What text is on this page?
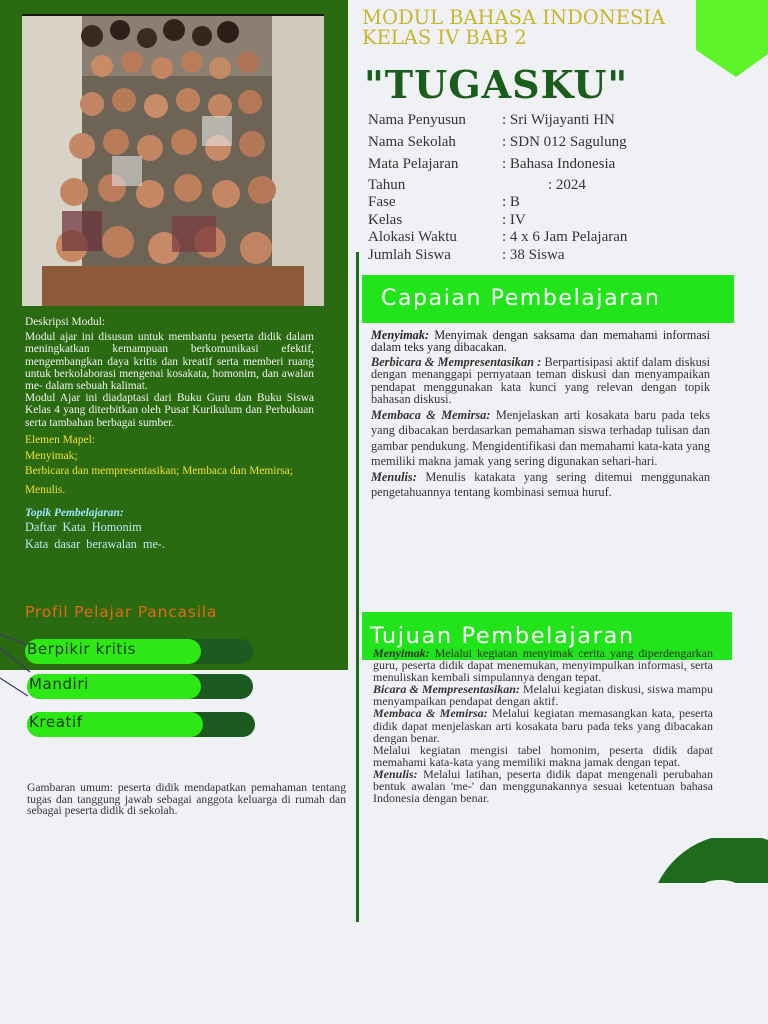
Deskripsi Modul:

Modul ajar ini disusun untuk membantu peserta didik dalam meningkatkan kemampuan berkomunikasi efektif, mengembangkan daya kritis dan kreatif serta memberi ruang untuk berkolaborasi mengenai kosakata, homonim, dan awalan me- dalam sebuah kalimat.

Modul Ajar ini diadaptasi dari Buku Guru dan Buku Siswa Kelas 4 yang diterbitkan oleh Pusat Kurikulum dan Perbukuan serta tambahan berbagai sumber.

Elemen Mapel:
Menyimak;
Berbicara dan mempresentasikan; Membaca dan Memirsa;
Menulis.
Topik Pembelajaran:
Daftar Kata Homonim
Kata dasar berawalan me-.
Profil Pelajar Pancasila
Berpikir kritis
Mandiri
Kreatif
Gambaran umum: peserta didik mendapatkan pemahaman tentang tugas dan tanggung jawab sebagai anggota keluarga di rumah dan sebagai peserta didik di sekolah.
MODUL BAHASA INDONESIA
KELAS IV BAB 2
"TUGASKU"
Nama Penyusun : Sri Wijayanti HN
Nama Sekolah	: SDN 012 Sagulung
Mata Pelajaran	: Bahasa Indonesia
Tahun	: 2024
Fase	: B
Kelas	: IV
Alokasi Waktu	: 4 x 6 Jam Pelajaran
Jumlah Siswa	: 38 Siswa
Capaian Pembelajaran

Menyimak: Menyimak dengan saksama dan memahami informasi dalam teks yang dibacakan.

Berbicara & Mempresentasikan : Berpartisipasi aktif dalam diskusi dengan menanggapi pernyataan teman diskusi dan menyampaikan pendapat menggunakan kata kunci yang relevan dengan topik bahasan diskusi.

Membaca & Memirsa: Menjelaskan arti kosakata baru pada teks yang dibacakan berdasarkan pemahaman siswa terhadap tulisan dan gambar pendukung. Mengidentifikasi dan memahami kata-kata yang memiliki makna jamak yang sering digunakan sehari-hari.

Menulis: Menulis katakata yang sering ditemui menggunakan pengetahuannya tentang kombinasi semua huruf.

Tujuan Pembelajaran

Menyimak: Melalui kegiatan menyimak cerita yang diperdengarkan guru, peserta didik dapat menemukan, menyimpulkan informasi, serta menuliskan kembali simpulannya dengan tepat.

Bicara & Mempresentasikan: Melalui kegiatan diskusi, siswa mampu menyampaikan pendapat dengan aktif.

Membaca & Memirsa: Melalui kegiatan memasangkan kata, peserta didik dapat menjelaskan arti kosakata baru pada teks yang dibacakan dengan benar.

Melalui kegiatan mengisi tabel homonim, peserta didik dapat memahami kata-kata yang memiliki makna jamak dengan tepat.

Menulis: Melalui latihan, peserta didik dapat mengenali perubahan bentuk awalan 'me-' dan menggunakannya sesuai ketentuan bahasa Indonesia dengan benar.
